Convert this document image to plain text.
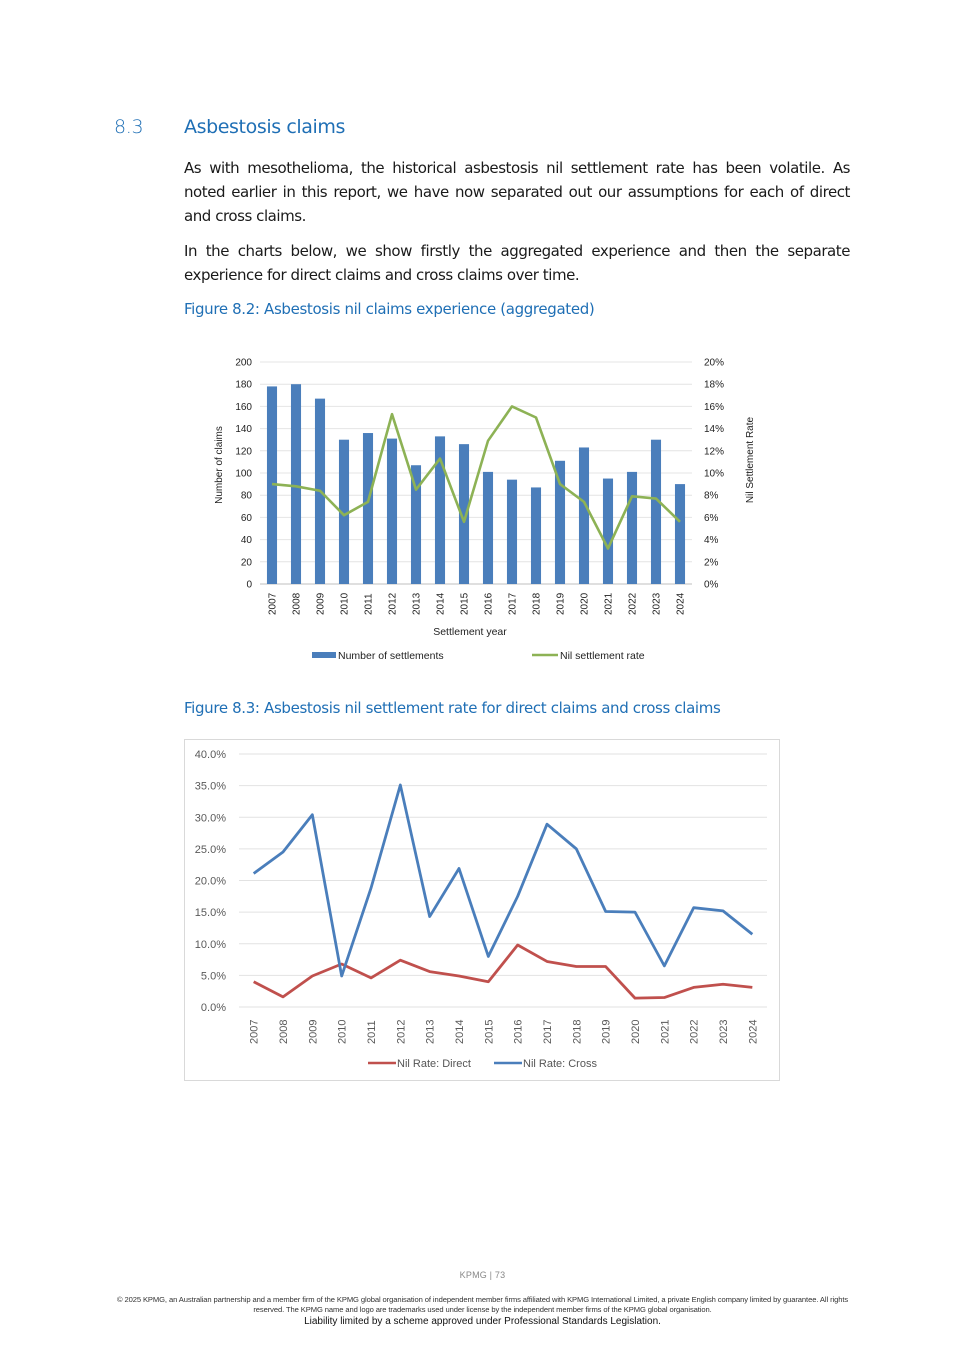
8.3 Asbestosis claims
As with mesothelioma, the historical asbestosis nil settlement rate has been volatile. As noted earlier in this report, we have now separated out our assumptions for each of direct and cross claims.
In the charts below, we show firstly the aggregated experience and then the separate experience for direct claims and cross claims over time.
Figure 8.2: Asbestosis nil claims experience (aggregated)
0
20
40
60
80
100
120
140
160
180
200
0%
2%
4%
6%
8%
10%
12%
14%
16%
18%
20%
2007 2008 2009 2010 2011 2012 2013 2014 2015 2016 2017 2018 2019 2020 2021 2022 2023 2024
Number of claims	Nil Settlement Rate
Settlement year
Number of settlements	Nil settlement rate
Figure 8.3: Asbestosis nil settlement rate for direct claims and cross claims
0.0%
5.0%
10.0%
15.0%
20.0%
25.0%
30.0%
35.0%
40.0%
2007 2008 2009 2010 2011 2012 2013 2014 2015 2016 2017 2018 2019 2020 2021 2022 2023 2024
Nil Rate: Direct	Nil Rate: Cross
KPMG | 73
© 2025 KPMG, an Australian partnership and a member firm of the KPMG global organisation of independent member firms affiliated with KPMG International Limited, a private English company limited by guarantee. All rights reserved. The KPMG name and logo are trademarks used under license by the independent member firms of the KPMG global organisation.
Liability limited by a scheme approved under Professional Standards Legislation.
